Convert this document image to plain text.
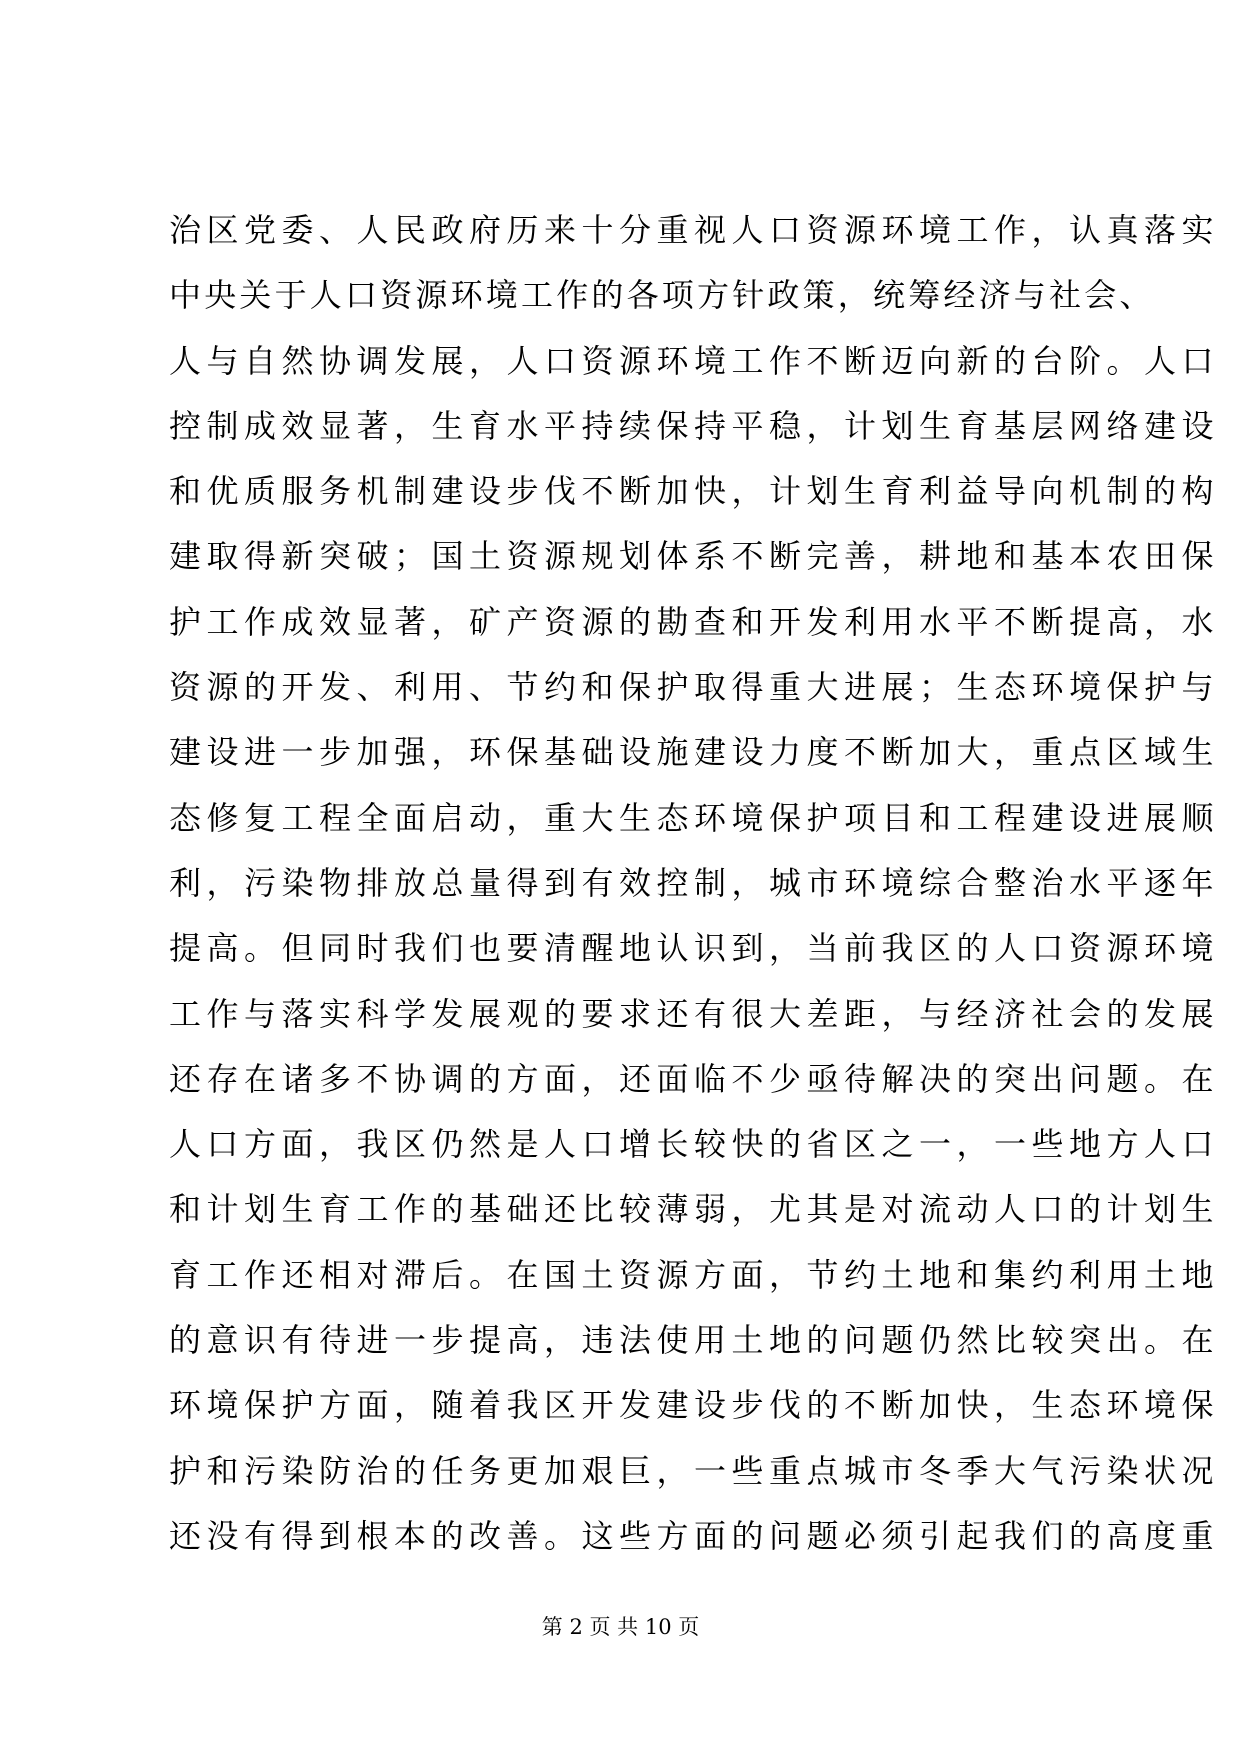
治区党委、人民政府历来十分重视人口资源环境工作，认真落实
中央关于人口资源环境工作的各项方针政策，统筹经济与社会、
人与自然协调发展，人口资源环境工作不断迈向新的台阶。人口
控制成效显著，生育水平持续保持平稳，计划生育基层网络建设
和优质服务机制建设步伐不断加快，计划生育利益导向机制的构
建取得新突破；国土资源规划体系不断完善，耕地和基本农田保
护工作成效显著，矿产资源的勘查和开发利用水平不断提高，水
资源的开发、利用、节约和保护取得重大进展；生态环境保护与
建设进一步加强，环保基础设施建设力度不断加大，重点区域生
态修复工程全面启动，重大生态环境保护项目和工程建设进展顺
利，污染物排放总量得到有效控制，城市环境综合整治水平逐年
提高。但同时我们也要清醒地认识到，当前我区的人口资源环境
工作与落实科学发展观的要求还有很大差距，与经济社会的发展
还存在诸多不协调的方面，还面临不少亟待解决的突出问题。在
人口方面，我区仍然是人口增长较快的省区之一，一些地方人口
和计划生育工作的基础还比较薄弱，尤其是对流动人口的计划生
育工作还相对滞后。在国土资源方面，节约土地和集约利用土地
的意识有待进一步提高，违法使用土地的问题仍然比较突出。在
环境保护方面，随着我区开发建设步伐的不断加快，生态环境保
护和污染防治的任务更加艰巨，一些重点城市冬季大气污染状况
还没有得到根本的改善。这些方面的问题必须引起我们的高度重
第 2 页 共 10 页
